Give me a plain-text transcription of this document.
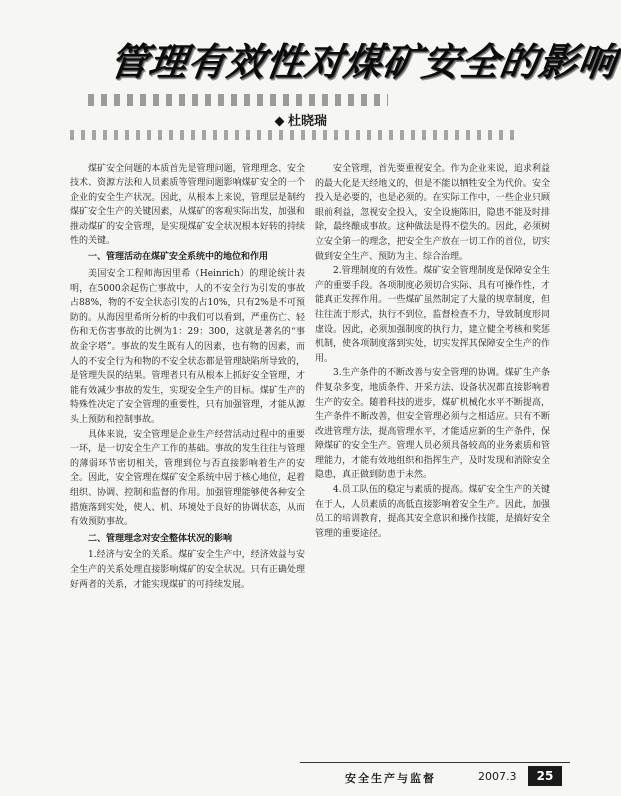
管理有效性对煤矿安全的影响
杜晓瑞

煤矿安全问题的本质首先是管理问题，管理理念、安全技术、资源方法和人员素质等管理问题影响煤矿安全的一个企业的安全生产状况。因此，从根本上来说，管理层是制约煤矿安全生产的关键因素，从煤矿的客观实际出发，加强和推动煤矿的安全管理，是实现煤矿安全状况根本好转的持续性的关键。

一、管理活动在煤矿安全系统中的地位和作用

美国安全工程师海因里希（Heinrich）的理论统计表明，在5000余起伤亡事故中，人的不安全行为引发的事故占88%，物的不安全状态引发的占10%，只有2%是不可预防的。从海因里希所分析的中我们可以看到，严重伤亡、轻伤和无伤害事故的比例为1：29：300，这就是著名的“事故金字塔”。事故的发生既有人的因素，也有物的因素，而人的不安全行为和物的不安全状态都是管理缺陷所导致的，是管理失误的结果。管理者只有从根本上抓好安全管理，才能有效减少事故的发生，实现安全生产的目标。煤矿生产的特殊性决定了安全管理的重要性，只有加强管理，才能从源头上预防和控制事故。

具体来说，安全管理是企业生产经营活动过程中的重要一环，是一切安全生产工作的基础。事故的发生往往与管理的薄弱环节密切相关，管理到位与否直接影响着生产的安全。因此，安全管理在煤矿安全系统中居于核心地位，起着组织、协调、控制和监督的作用。加强管理能够使各种安全措施落到实处，使人、机、环境处于良好的协调状态，从而有效预防事故。

二、管理理念对安全整体状况的影响

1.经济与安全的关系。煤矿安全生产中，经济效益与安全生产的关系处理直接影响煤矿的安全状况。只有正确处理好两者的关系，才能实现煤矿的可持续发展。

安全管理，首先要重视安全。作为企业来说，追求利益的最大化是天经地义的，但是不能以牺牲安全为代价。安全投入是必要的，也是必须的。在实际工作中，一些企业只顾眼前利益，忽视安全投入，安全设施陈旧，隐患不能及时排除，最终酿成事故。这种做法是得不偿失的。因此，必须树立安全第一的理念，把安全生产放在一切工作的首位，切实做到安全生产、预防为主、综合治理。

2.管理制度的有效性。煤矿安全管理制度是保障安全生产的重要手段。各项制度必须切合实际、具有可操作性，才能真正发挥作用。一些煤矿虽然制定了大量的规章制度，但往往流于形式，执行不到位，监督检查不力，导致制度形同虚设。因此，必须加强制度的执行力，建立健全考核和奖惩机制，使各项制度落到实处，切实发挥其保障安全生产的作用。

3.生产条件的不断改善与安全管理的协调。煤矿生产条件复杂多变，地质条件、开采方法、设备状况都直接影响着生产的安全。随着科技的进步，煤矿机械化水平不断提高，生产条件不断改善，但安全管理必须与之相适应。只有不断改进管理方法，提高管理水平，才能适应新的生产条件，保障煤矿的安全生产。管理人员必须具备较高的业务素质和管理能力，才能有效地组织和指挥生产，及时发现和消除安全隐患，真正做到防患于未然。

4.员工队伍的稳定与素质的提高。煤矿安全生产的关键在于人，人员素质的高低直接影响着安全生产。因此，加强员工的培训教育，提高其安全意识和操作技能，是搞好安全管理的重要途径。

安全生产与监督	2007.3	25
